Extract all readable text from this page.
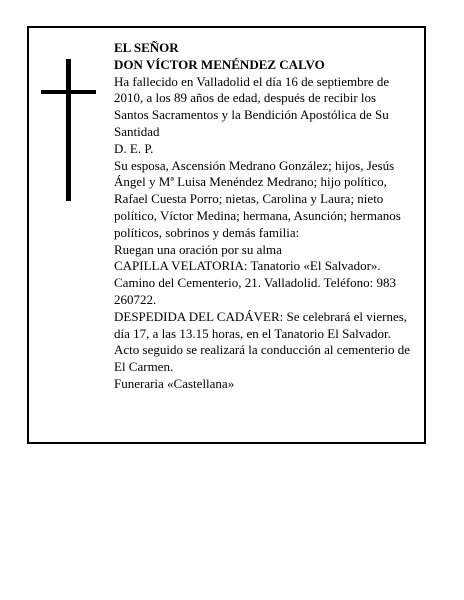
EL SEÑOR

DON VÍCTOR MENÉNDEZ CALVO

Ha fallecido en Valladolid el día 16 de septiembre de 2010, a los 89 años de edad, después de recibir los Santos Sacramentos y la Bendición Apostólica de Su Santidad

D. E. P.

Su esposa, Ascensión Medrano González; hijos, Jesús Ángel y Mª Luisa Menéndez Medrano; hijo político, Rafael Cuesta Porro; nietas, Carolina y Laura; nieto político, Víctor Medina; hermana, Asunción; hermanos políticos, sobrinos y demás familia:

Ruegan una oración por su alma

CAPILLA VELATORIA: Tanatorio «El Salvador». Camino del Cementerio, 21. Valladolid. Teléfono: 983 260722.

DESPEDIDA DEL CADÁVER: Se celebrará el viernes, día 17, a las 13.15 horas, en el Tanatorio El Salvador. Acto seguido se realizará la conducción al cementerio de El Carmen.

Funeraria «Castellana»
